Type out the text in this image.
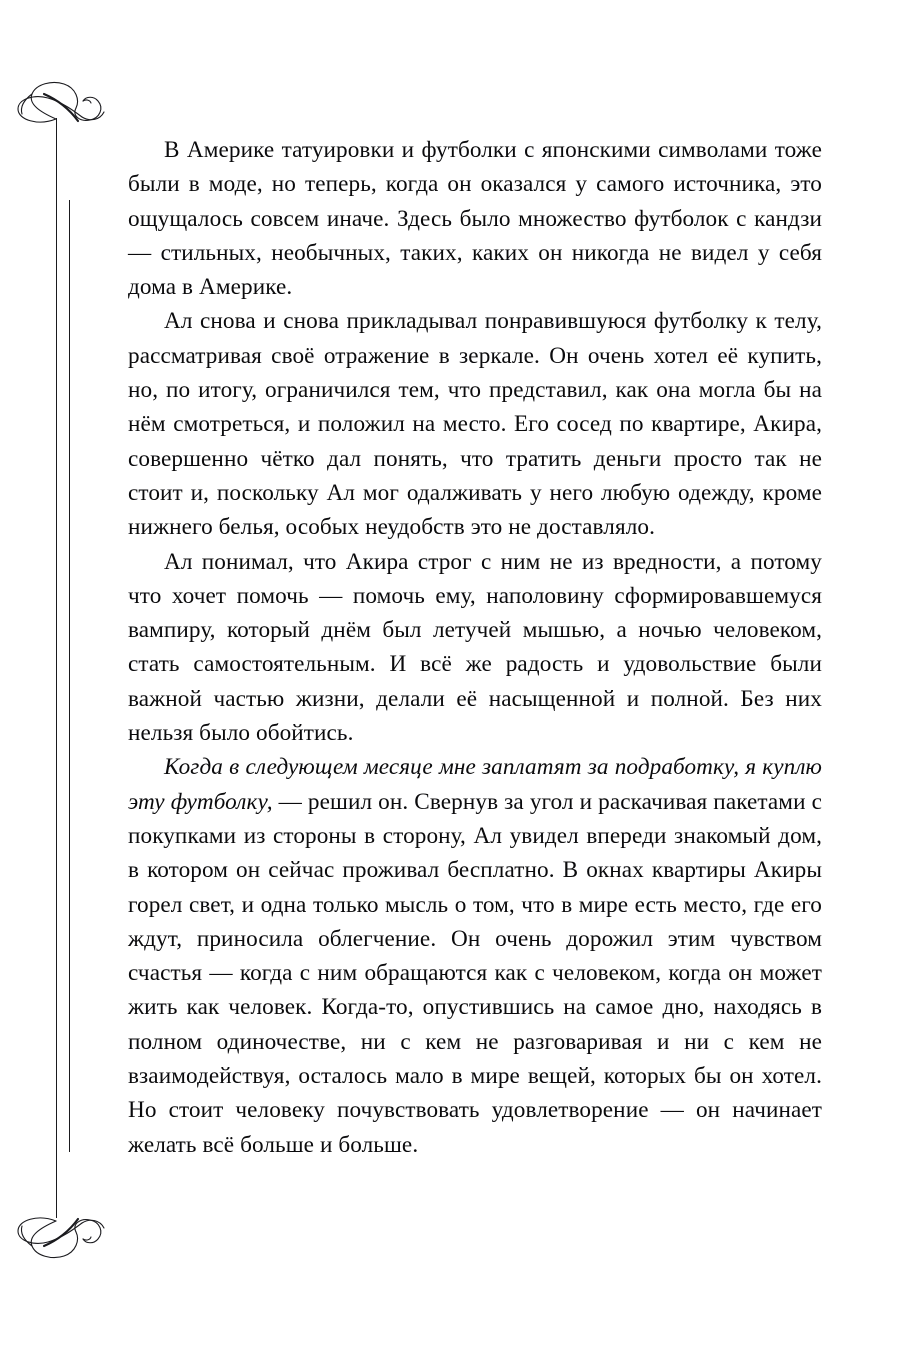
В Америке татуировки и футболки с японскими символами тоже были в моде, но теперь, когда он оказался у самого источника, это ощущалось совсем иначе. Здесь было множество футболок с кандзи — стильных, необычных, таких, каких он никогда не видел у себя дома в Америке.

Ал снова и снова прикладывал понравившуюся футболку к телу, рассматривая своё отражение в зеркале. Он очень хотел её купить, но, по итогу, ограничился тем, что представил, как она могла бы на нём смотреться, и положил на место. Его сосед по квартире, Акира, совершенно чётко дал понять, что тратить деньги просто так не стоит и, поскольку Ал мог одалживать у него любую одежду, кроме нижнего белья, особых неудобств это не доставляло.

Ал понимал, что Акира строг с ним не из вредности, а потому что хочет помочь — помочь ему, наполовину сформировавшемуся вампиру, который днём был летучей мышью, а ночью человеком, стать самостоятельным. И всё же радость и удовольствие были важной частью жизни, делали её насыщенной и полной. Без них нельзя было обойтись.

Когда в следующем месяце мне заплатят за подработку, я куплю эту футболку, — решил он. Свернув за угол и раскачивая пакетами с покупками из стороны в сторону, Ал увидел впереди знакомый дом, в котором он сейчас проживал бесплатно. В окнах квартиры Акиры горел свет, и одна только мысль о том, что в мире есть место, где его ждут, приносила облегчение. Он очень дорожил этим чувством счастья — когда с ним обращаются как с человеком, когда он может жить как человек. Когда-то, опустившись на самое дно, находясь в полном одиночестве, ни с кем не разговаривая и ни с кем не взаимодействуя, осталось мало в мире вещей, которых бы он хотел. Но стоит человеку почувствовать удовлетворение — он начинает желать всё больше и больше.
